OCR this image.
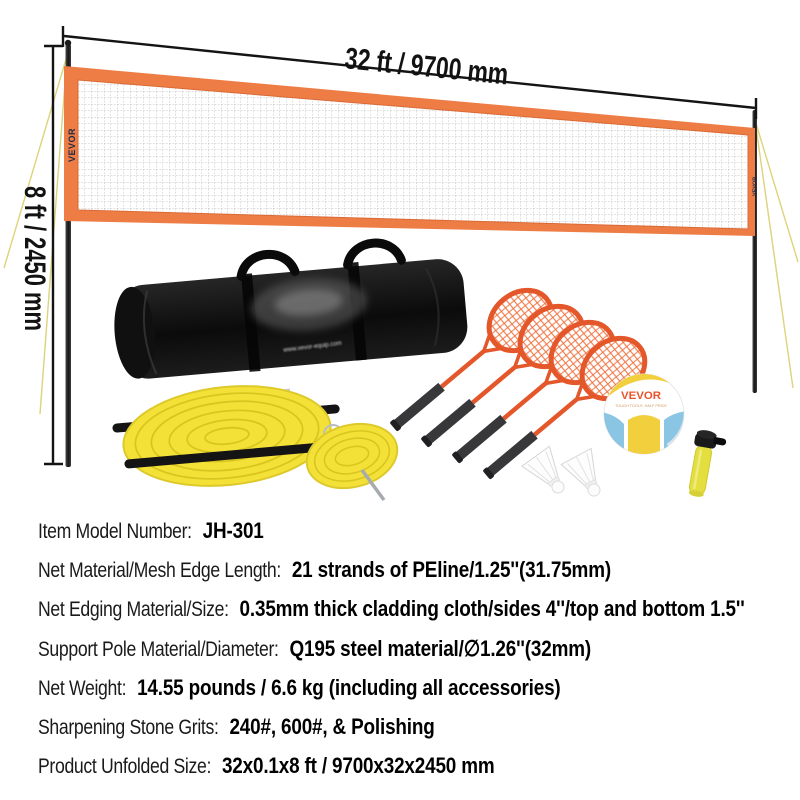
VEVOR
VEVOR
32 ft / 9700 mm
8 ft / 2450 mm	www.vevor-equip.com
VEVOR
TOUGH TOOLS, HALF PRICE
Item Model Number: JH-301
Net Material/Mesh Edge Length: 21 strands of PEline/1.25''(31.75mm)
Net Edging Material/Size: 0.35mm thick cladding cloth/sides 4''/top and bottom 1.5''
Support Pole Material/Diameter: Q195 steel material/∅1.26''(32mm)
Net Weight: 14.55 pounds / 6.6 kg (including all accessories)
Sharpening Stone Grits: 240#, 600#, & Polishing
Product Unfolded Size: 32x0.1x8 ft / 9700x32x2450 mm
